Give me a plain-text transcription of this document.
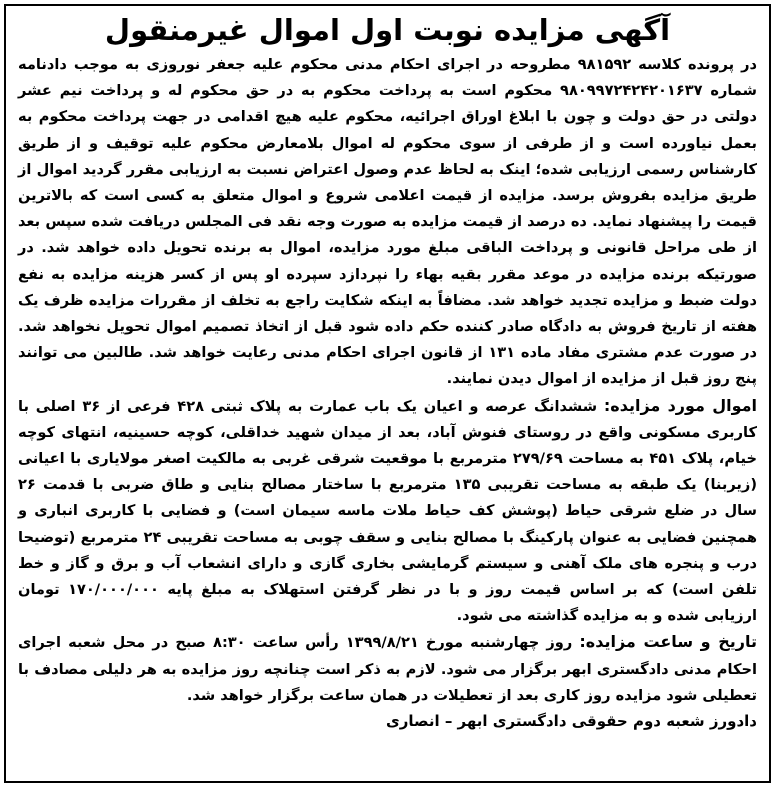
آگهی مزایده نوبت اول اموال غیرمنقول

در پرونده کلاسه ۹۸۱۵۹۲ مطروحه در اجرای احکام مدنی محکوم علیه جعفر نوروزی به موجب دادنامه شماره ۹۸۰۹۹۷۲۴۲۴۲۰۱۶۳۷ محکوم است به پرداخت محکوم به در حق محکوم له و پرداخت نیم عشر دولتی در حق دولت و چون با ابلاغ اوراق اجرائیه، محکوم علیه هیچ اقدامی در جهت پرداخت محکوم به بعمل نیاورده است و از طرفی از سوی محکوم له اموال بلامعارض محکوم علیه توقیف و از طریق کارشناس رسمی ارزیابی شده؛ اینک به لحاظ عدم وصول اعتراض نسبت به ارزیابی مقرر گردید اموال از طریق مزایده بفروش برسد. مزایده از قیمت اعلامی شروع و اموال متعلق به کسی است که بالاترین قیمت را پیشنهاد نماید. ده درصد از قیمت مزایده به صورت وجه نقد فی المجلس دریافت شده سپس بعد از طی مراحل قانونی و پرداخت الباقی مبلغ مورد مزایده، اموال به برنده تحویل داده خواهد شد. در صورتیکه برنده مزایده در موعد مقرر بقیه بهاء را نپردازد سپرده او پس از کسر هزینه مزایده به نفع دولت ضبط و مزایده تجدید خواهد شد. مضافاً به اینکه شکایت راجع به تخلف از مقررات مزایده ظرف یک هفته از تاریخ فروش به دادگاه صادر کننده حکم داده شود قبل از اتخاذ تصمیم اموال تحویل نخواهد شد. در صورت عدم مشتری مفاد ماده ۱۳۱ از قانون اجرای احکام مدنی رعایت خواهد شد. طالبین می توانند پنج روز قبل از مزایده از اموال دیدن نمایند.

اموال مورد مزایده: ششدانگ عرصه و اعیان یک باب عمارت به پلاک ثبتی ۴۲۸ فرعی از ۳۶ اصلی با کاربری مسکونی واقع در روستای فنوش آباد، بعد از میدان شهید خداقلی، کوچه حسینیه، انتهای کوچه خیام، پلاک ۴۵۱ به مساحت ۲۷۹/۶۹ مترمربع با موقعیت شرقی غربی به مالکیت اصغر مولایاری با اعیانی (زیربنا) یک طبقه به مساحت تقریبی ۱۳۵ مترمربع با ساختار مصالح بنایی و طاق ضربی با قدمت ۲۶ سال در ضلع شرقی حیاط (پوشش کف حیاط ملات ماسه سیمان است) و فضایی با کاربری انباری و همچنین فضایی به عنوان پارکینگ با مصالح بنایی و سقف چوبی به مساحت تقریبی ۲۴ مترمربع (توضیحا درب و پنجره های ملک آهنی و سیستم گرمایشی بخاری گازی و دارای انشعاب آب و برق و گاز و خط تلفن است) که بر اساس قیمت روز و با در نظر گرفتن استهلاک به مبلغ پایه ۱۷۰/۰۰۰/۰۰۰ تومان ارزیابی شده و به مزایده گذاشته می شود.

تاریخ و ساعت مزایده: روز چهارشنبه مورخ ۱۳۹۹/۸/۲۱ رأس ساعت ۸:۳۰ صبح در محل شعبه اجرای احکام مدنی دادگستری ابهر برگزار می شود. لازم به ذکر است چنانچه روز مزایده به هر دلیلی مصادف با تعطیلی شود مزایده روز کاری بعد از تعطیلات در همان ساعت برگزار خواهد شد.

دادورز شعبه دوم حقوقی دادگستری ابهر – انصاری
